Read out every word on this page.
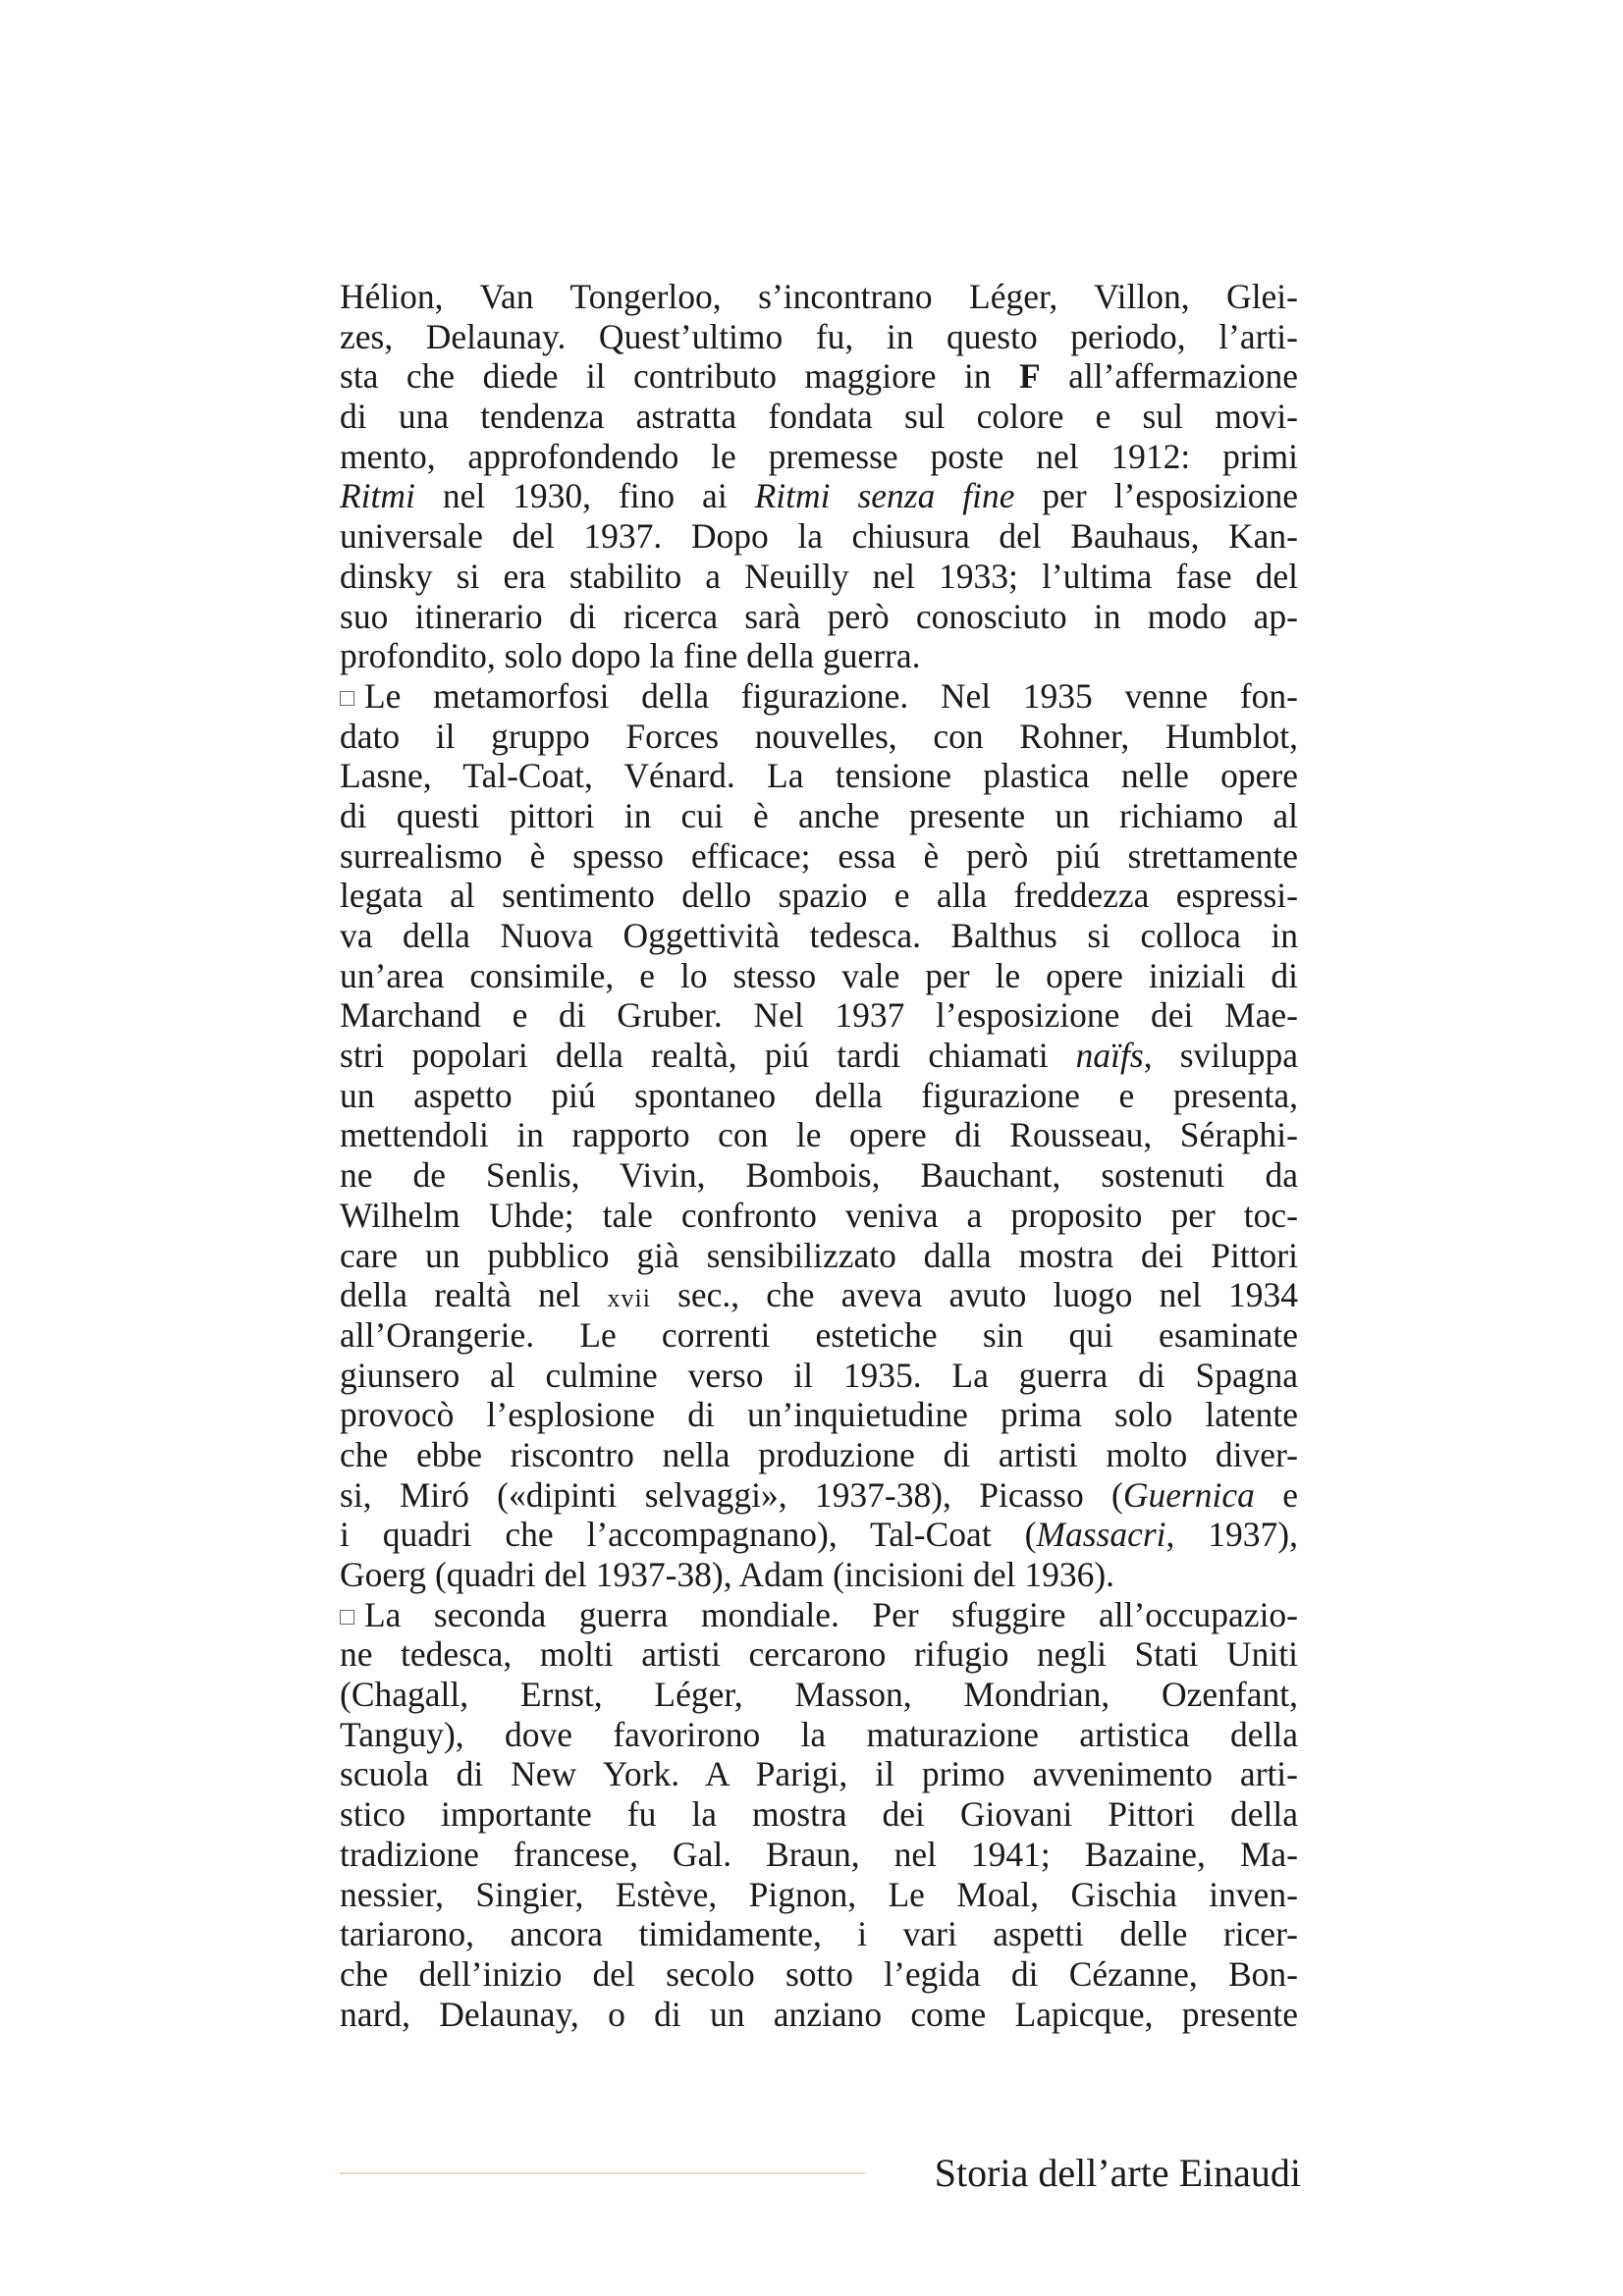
Hélion, Van Tongerloo, s’incontrano Léger, Villon, Glei-
zes, Delaunay. Quest’ultimo fu, in questo periodo, l’arti-
sta che diede il contributo maggiore in F all’affermazione
di una tendenza astratta fondata sul colore e sul movi-
mento, approfondendo le premesse poste nel 1912: primi
Ritmi nel 1930, fino ai Ritmi senza fine per l’esposizione
universale del 1937. Dopo la chiusura del Bauhaus, Kan-
dinsky si era stabilito a Neuilly nel 1933; l’ultima fase del
suo itinerario di ricerca sarà però conosciuto in modo ap-
profondito, solo dopo la fine della guerra.
Le metamorfosi della figurazione. Nel 1935 venne fon-
dato il gruppo Forces nouvelles, con Rohner, Humblot,
Lasne, Tal-Coat, Vénard. La tensione plastica nelle opere
di questi pittori in cui è anche presente un richiamo al
surrealismo è spesso efficace; essa è però piú strettamente
legata al sentimento dello spazio e alla freddezza espressi-
va della Nuova Oggettività tedesca. Balthus si colloca in
un’area consimile, e lo stesso vale per le opere iniziali di
Marchand e di Gruber. Nel 1937 l’esposizione dei Mae-
stri popolari della realtà, piú tardi chiamati naïfs, sviluppa
un aspetto piú spontaneo della figurazione e presenta,
mettendoli in rapporto con le opere di Rousseau, Séraphi-
ne de Senlis, Vivin, Bombois, Bauchant, sostenuti da
Wilhelm Uhde; tale confronto veniva a proposito per toc-
care un pubblico già sensibilizzato dalla mostra dei Pittori
della realtà nel xvii sec., che aveva avuto luogo nel 1934
all’Orangerie. Le correnti estetiche sin qui esaminate
giunsero al culmine verso il 1935. La guerra di Spagna
provocò l’esplosione di un’inquietudine prima solo latente
che ebbe riscontro nella produzione di artisti molto diver-
si, Miró («dipinti selvaggi», 1937-38), Picasso (Guernica e
i quadri che l’accompagnano), Tal-Coat (Massacri, 1937),
Goerg (quadri del 1937-38), Adam (incisioni del 1936).
La seconda guerra mondiale. Per sfuggire all’occupazio-
ne tedesca, molti artisti cercarono rifugio negli Stati Uniti
(Chagall, Ernst, Léger, Masson, Mondrian, Ozenfant,
Tanguy), dove favorirono la maturazione artistica della
scuola di New York. A Parigi, il primo avvenimento arti-
stico importante fu la mostra dei Giovani Pittori della
tradizione francese, Gal. Braun, nel 1941; Bazaine, Ma-
nessier, Singier, Estève, Pignon, Le Moal, Gischia inven-
tariarono, ancora timidamente, i vari aspetti delle ricer-
che dell’inizio del secolo sotto l’egida di Cézanne, Bon-
nard, Delaunay, o di un anziano come Lapicque, presente
Storia dell’arte Einaudi
